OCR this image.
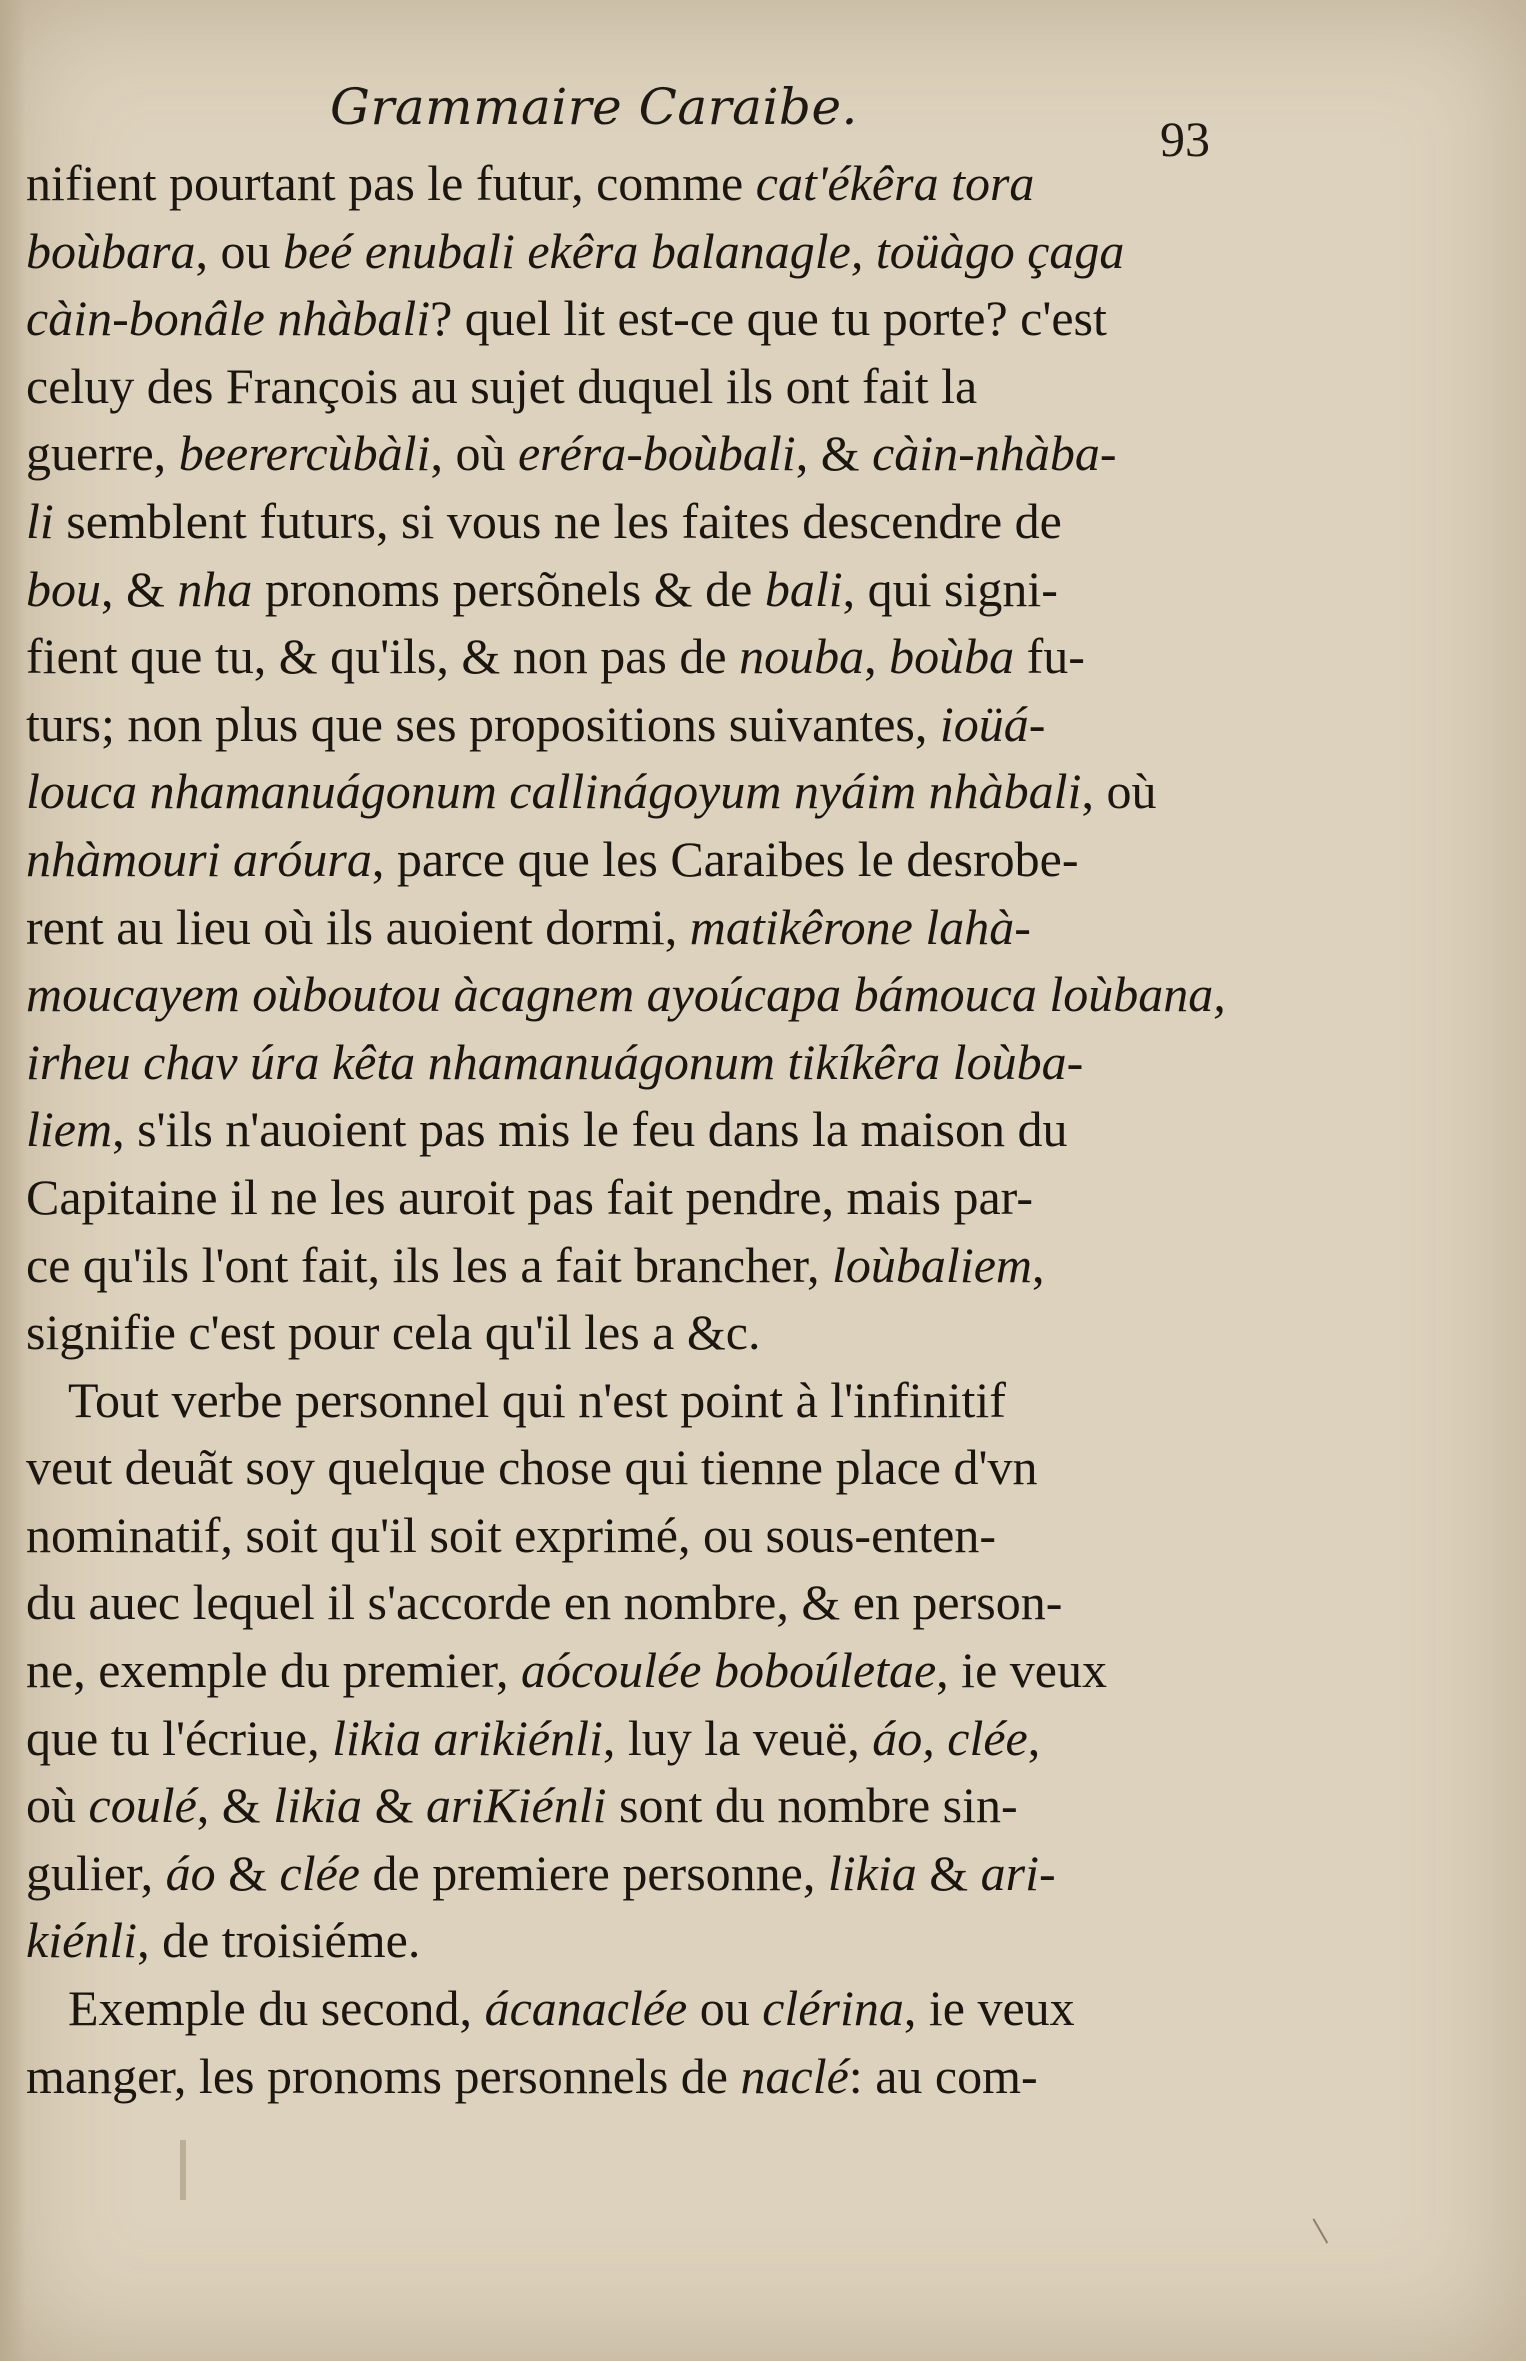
Grammaire Caraibe.
93
nifient pourtant pas le futur, comme cat'ékêra tora
boùbara, ou beé enubali ekêra balanagle, toüàgo çaga
càin-bonâle nhàbali? quel lit est-ce que tu porte? c'est
celuy des François au sujet duquel ils ont fait la
guerre, beerercùbàli, où eréra-boùbali, & càin-nhàba-
li semblent futurs, si vous ne les faites descendre de
bou, & nha pronoms persõnels & de bali, qui signi-
fient que tu, & qu'ils, & non pas de nouba, boùba fu-
turs; non plus que ses propositions suivantes, ioüá-
louca nhamanuágonum callinágoyum nyáim nhàbali, où
nhàmouri aróura, parce que les Caraibes le desrobe-
rent au lieu où ils auoient dormi, matikêrone lahà-
moucayem oùboutou àcagnem ayoúcapa bámouca loùbana,
irheu chav úra kêta nhamanuágonum tikíkêra loùba-
liem, s'ils n'auoient pas mis le feu dans la maison du
Capitaine il ne les auroit pas fait pendre, mais par-
ce qu'ils l'ont fait, ils les a fait brancher, loùbaliem,
signifie c'est pour cela qu'il les a &c.
Tout verbe personnel qui n'est point à l'infinitif
veut deuãt soy quelque chose qui tienne place d'vn
nominatif, soit qu'il soit exprimé, ou sous-enten-
du auec lequel il s'accorde en nombre, & en person-
ne, exemple du premier, aócoulée boboúletae, ie veux
que tu l'écriue, likia arikiénli, luy la veuë, áo, clée,
où coulé, & likia & ariKiénli sont du nombre sin-
gulier, áo & clée de premiere personne, likia & ari-
kiénli, de troisiéme.
Exemple du second, ácanaclée ou clérina, ie veux
manger, les pronoms personnels de naclé: au com-
